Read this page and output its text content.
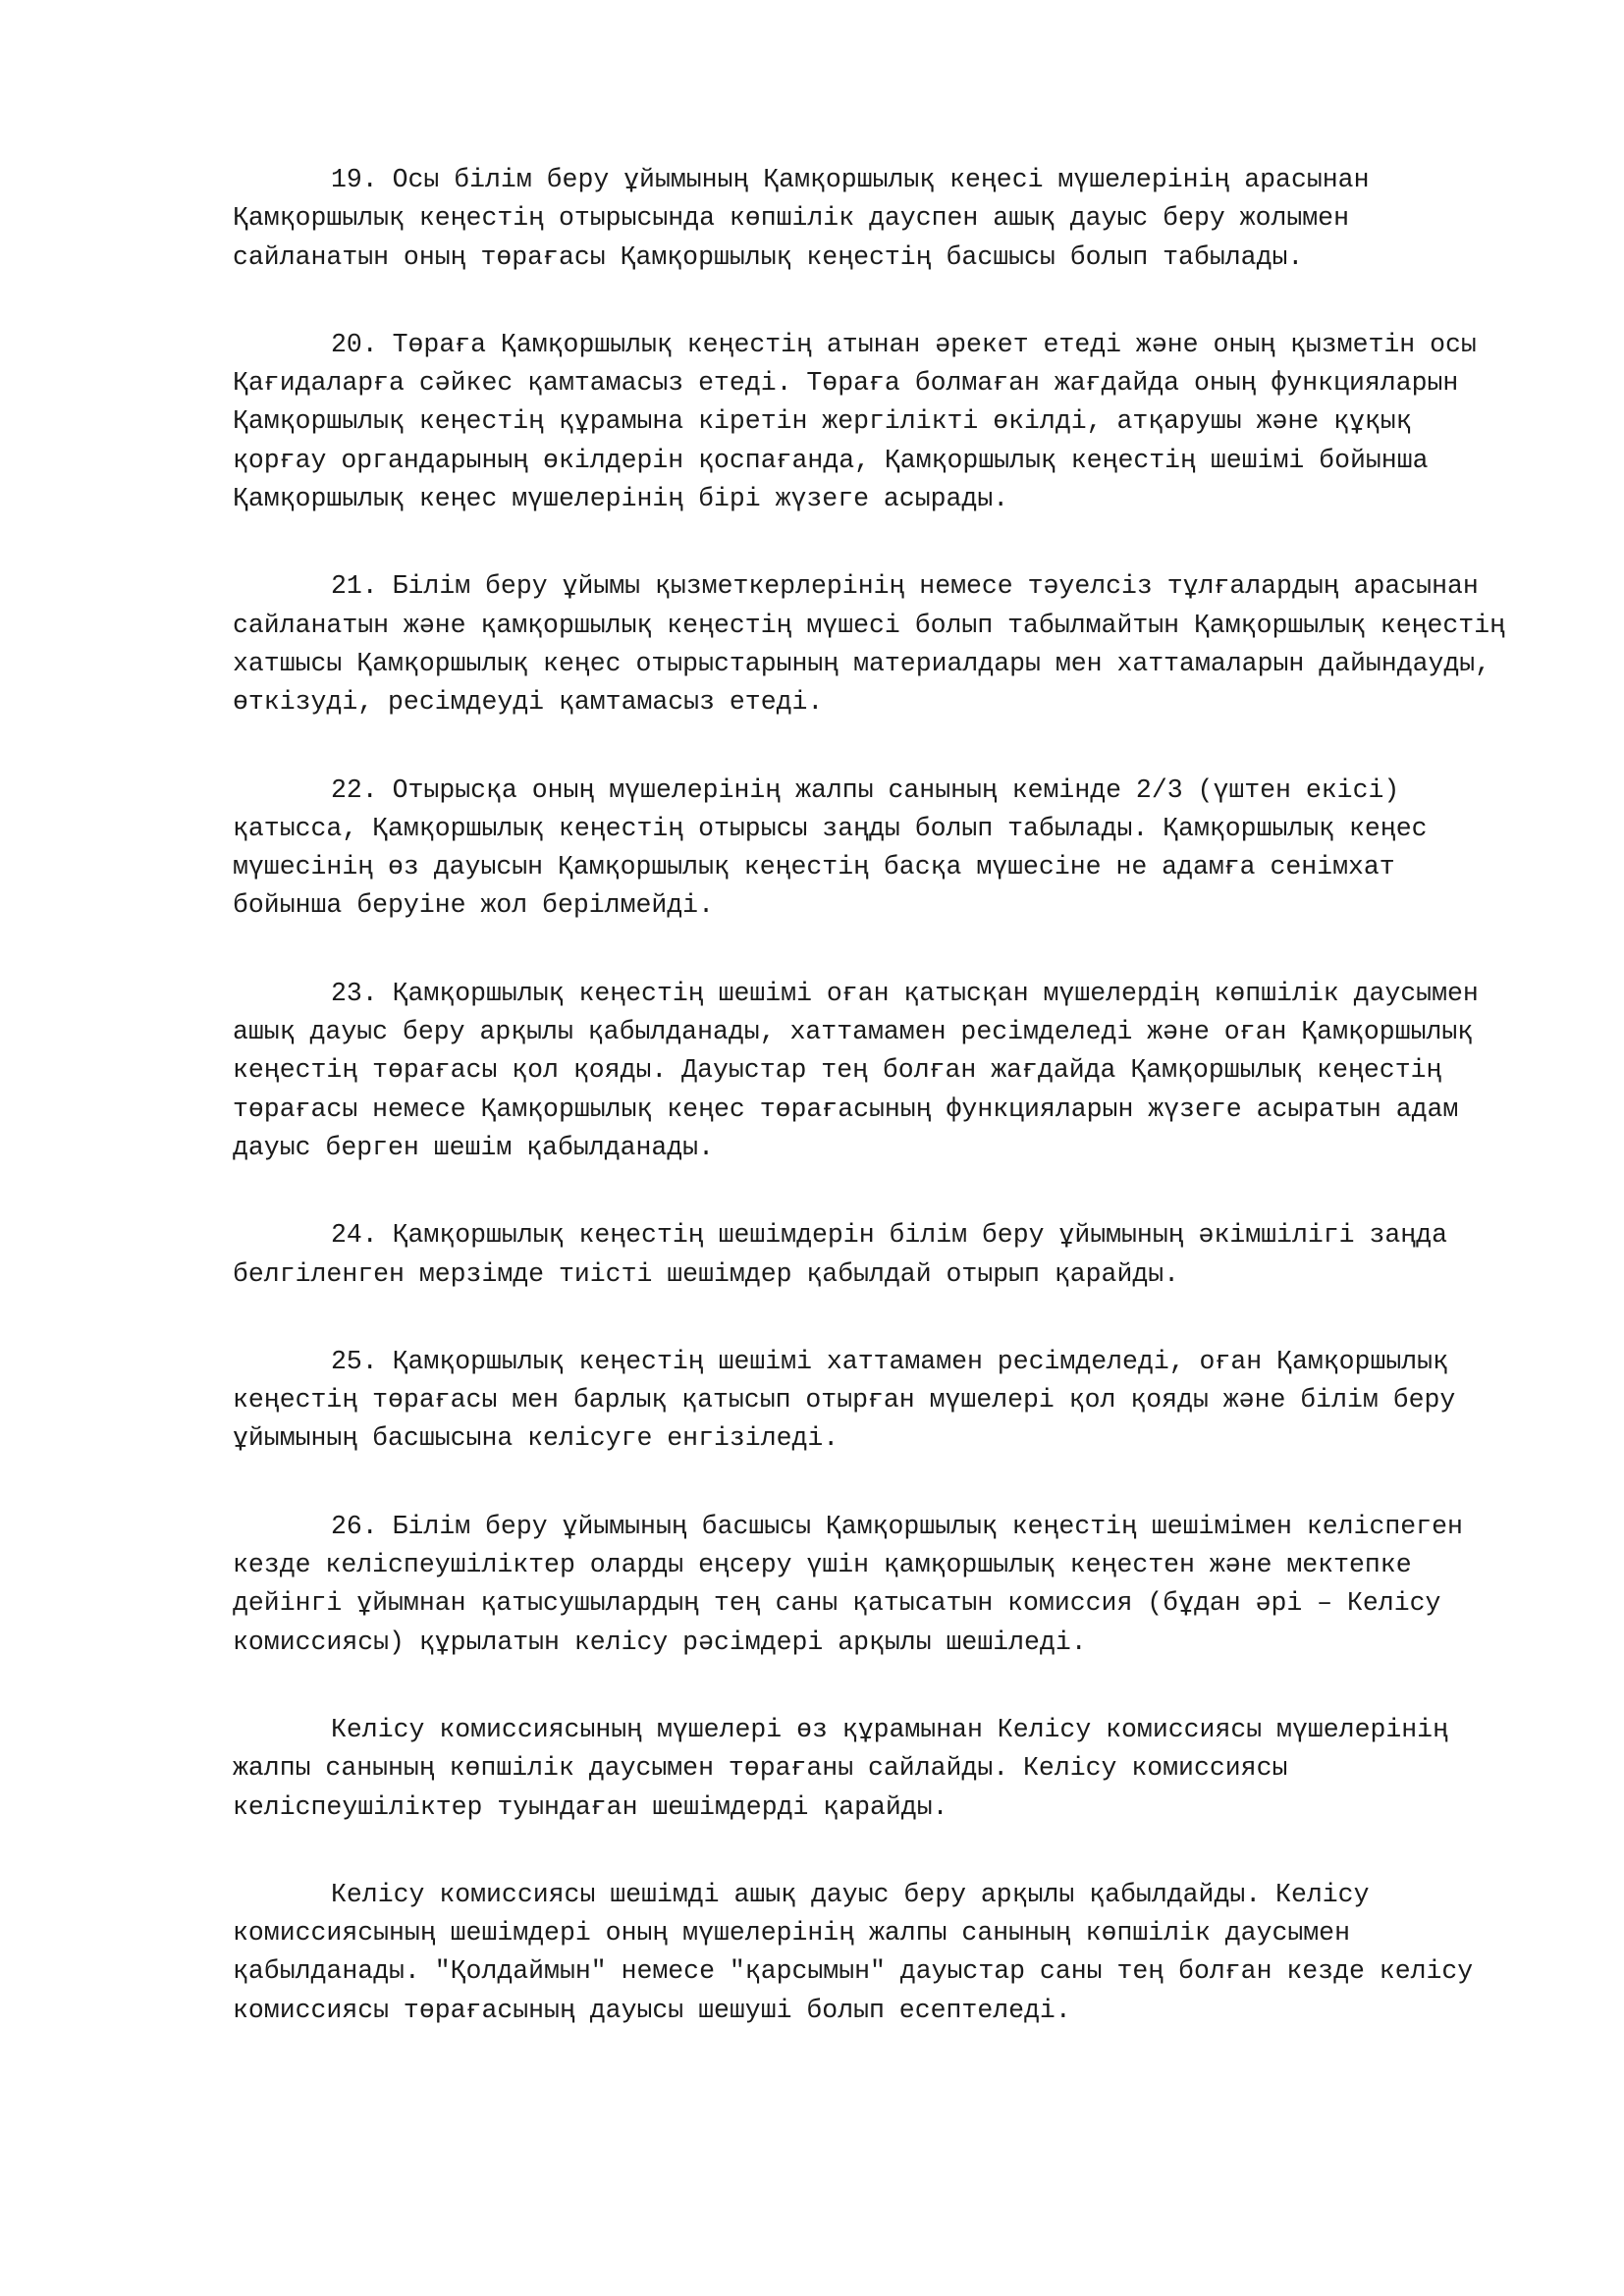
19. Осы білім беру ұйымының Қамқоршылық кеңесі мүшелерінің арасынан Қамқоршылық кеңестің отырысында көпшілік дауспен ашық дауыс беру жолымен сайланатын оның төрағасы Қамқоршылық кеңестің басшысы болып табылады.

20. Төраға Қамқоршылық кеңестің атынан әрекет етеді және оның қызметін осы Қағидаларға сәйкес қамтамасыз етеді. Төраға болмаған жағдайда оның функцияларын Қамқоршылық кеңестің құрамына кіретін жергілікті өкілді, атқарушы және құқық қорғау органдарының өкілдерін қоспағанда, Қамқоршылық кеңестің шешімі бойынша Қамқоршылық кеңес мүшелерінің бірі жүзеге асырады.

21. Білім беру ұйымы қызметкерлерінің немесе тәуелсіз тұлғалардың арасынан сайланатын және қамқоршылық кеңестің мүшесі болып табылмайтын Қамқоршылық кеңестің хатшысы Қамқоршылық кеңес отырыстарының материалдары мен хаттамаларын дайындауды, өткізуді, ресімдеуді қамтамасыз етеді.

22. Отырысқа оның мүшелерінің жалпы санының кемінде 2/3 (үштен екісі) қатысса, Қамқоршылық кеңестің отырысы заңды болып табылады. Қамқоршылық кеңес мүшесінің өз дауысын Қамқоршылық кеңестің басқа мүшесіне не адамға сенімхат бойынша беруіне жол берілмейді.

23. Қамқоршылық кеңестің шешімі оған қатысқан мүшелердің көпшілік даусымен ашық дауыс беру арқылы қабылданады, хаттамамен ресімделеді және оған Қамқоршылық кеңестің төрағасы қол қояды. Дауыстар тең болған жағдайда Қамқоршылық кеңестің төрағасы немесе Қамқоршылық кеңес төрағасының функцияларын жүзеге асыратын адам дауыс берген шешім қабылданады.

24. Қамқоршылық кеңестің шешімдерін білім беру ұйымының әкімшілігі заңда белгіленген мерзімде тиісті шешімдер қабылдай отырып қарайды.

25. Қамқоршылық кеңестің шешімі хаттамамен ресімделеді, оған Қамқоршылық кеңестің төрағасы мен барлық қатысып отырған мүшелері қол қояды және білім беру ұйымының басшысына келісуге енгізіледі.

26. Білім беру ұйымының басшысы Қамқоршылық кеңестің шешімімен келіспеген кезде келіспеушіліктер оларды еңсеру үшін қамқоршылық кеңестен және мектепке дейінгі ұйымнан қатысушылардың тең саны қатысатын комиссия (бұдан әрі – Келісу комиссиясы) құрылатын келісу рәсімдері арқылы шешіледі.

Келісу комиссиясының мүшелері өз құрамынан Келісу комиссиясы мүшелерінің жалпы санының көпшілік даусымен төрағаны сайлайды. Келісу комиссиясы келіспеушіліктер туындаған шешімдерді қарайды.

Келісу комиссиясы шешімді ашық дауыс беру арқылы қабылдайды. Келісу комиссиясының шешімдері оның мүшелерінің жалпы санының көпшілік даусымен қабылданады. "Қолдаймын" немесе "қарсымын" дауыстар саны тең болған кезде келісу комиссиясы төрағасының дауысы шешуші болып есептеледі.
